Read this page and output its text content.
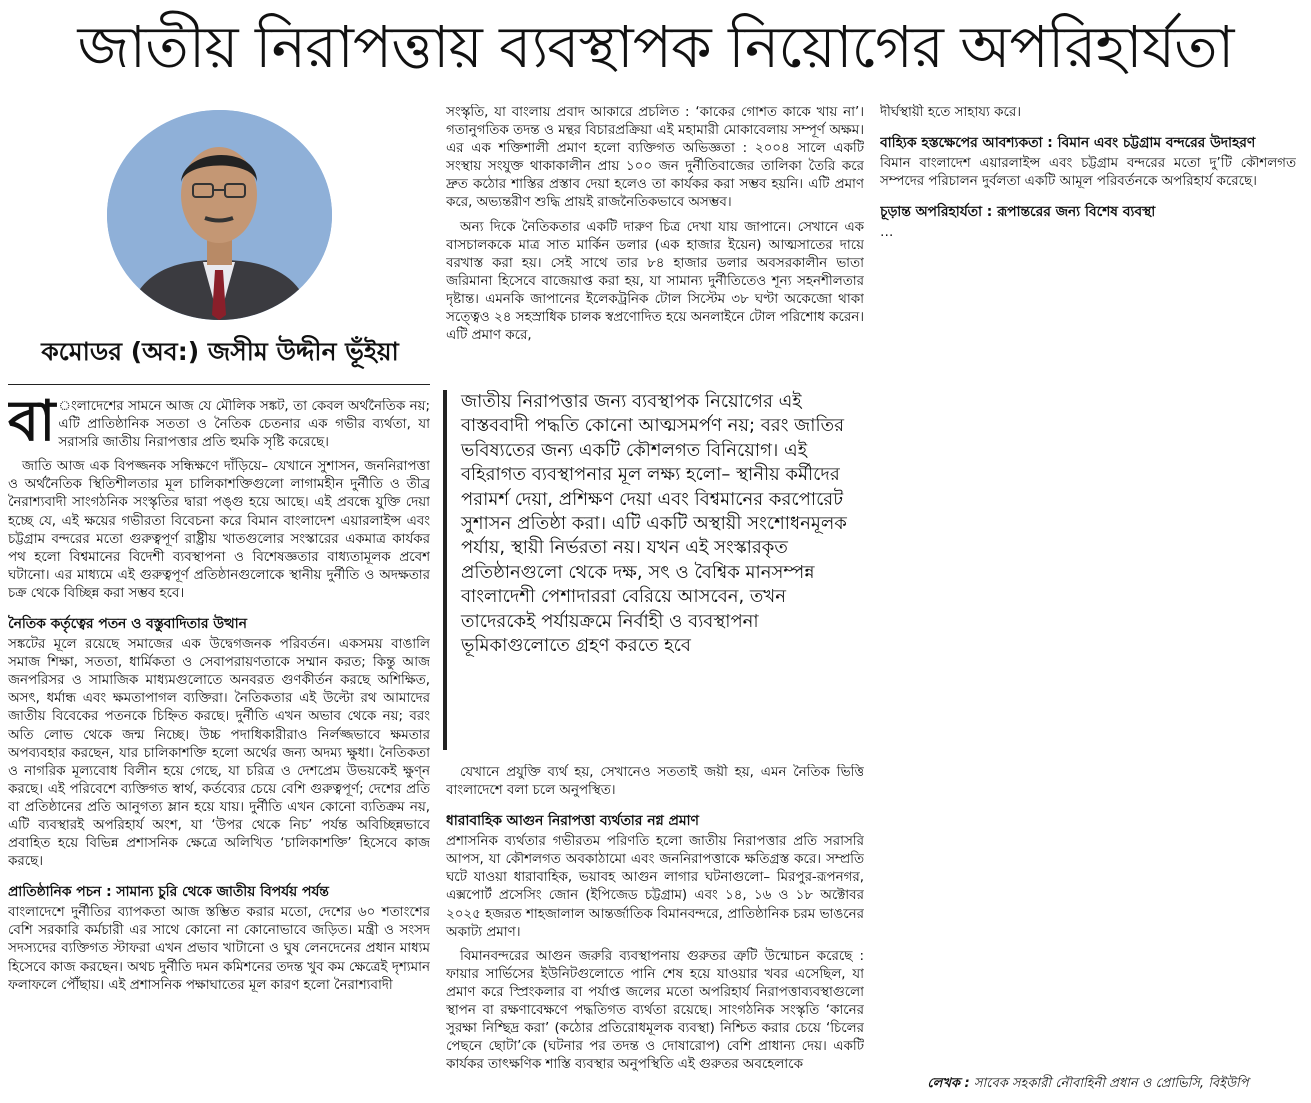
জাতীয় নিরাপত্তায় ব্যবস্থাপক নিয়োগের অপরিহার্যতা
কমোডর (অব:) জসীম উদ্দীন ভূঁইয়া

বা ংলাদেশের সামনে আজ যে মৌলিক সঙ্কট, তা কেবল অর্থনৈতিক নয়; এটি প্রাতিষ্ঠানিক সততা ও নৈতিক চেতনার এক গভীর ব্যর্থতা, যা সরাসরি জাতীয় নিরাপত্তার প্রতি হুমকি সৃষ্টি করেছে।

জাতি আজ এক বিপজ্জনক সন্ধিক্ষণে দাঁড়িয়ে– যেখানে সুশাসন, জননিরাপত্তা ও অর্থনৈতিক স্থিতিশীলতার মূল চালিকাশক্তিগুলো লাগামহীন দুর্নীতি ও তীব্র নৈরাশ্যবাদী সাংগঠনিক সংস্কৃতির দ্বারা পঙ্গু হয়ে আছে। এই প্রবন্ধে যুক্তি দেয়া হচ্ছে যে, এই ক্ষয়ের গভীরতা বিবেচনা করে বিমান বাংলাদেশ এয়ারলাইন্স এবং চট্টগ্রাম বন্দরের মতো গুরুত্বপূর্ণ রাষ্ট্রীয় খাতগুলোর সংস্কারের একমাত্র কার্যকর পথ হলো বিশ্বমানের বিদেশী ব্যবস্থাপনা ও বিশেষজ্ঞতার বাধ্যতামূলক প্রবেশ ঘটানো। এর মাধ্যমে এই গুরুত্বপূর্ণ প্রতিষ্ঠানগুলোকে স্থানীয় দুর্নীতি ও অদক্ষতার চক্র থেকে বিচ্ছিন্ন করা সম্ভব হবে।

নৈতিক কর্তৃত্বের পতন ও বস্তুবাদিতার উত্থান

সঙ্কটের মূলে রয়েছে সমাজের এক উদ্বেগজনক পরিবর্তন। একসময় বাঙালি সমাজ শিক্ষা, সততা, ধার্মিকতা ও সেবাপরায়ণতাকে সম্মান করত; কিন্তু আজ জনপরিসর ও সামাজিক মাধ্যমগুলোতে অনবরত গুণকীর্তন করছে অশিক্ষিত, অসৎ, ধর্মান্ধ এবং ক্ষমতাপাগল ব্যক্তিরা। নৈতিকতার এই উল্টো রথ আমাদের জাতীয় বিবেকের পতনকে চিহ্নিত করছে। দুর্নীতি এখন অভাব থেকে নয়; বরং অতি লোভ থেকে জন্ম নিচ্ছে। উচ্চ পদাধিকারীরাও নির্লজ্জভাবে ক্ষমতার অপব্যবহার করছেন, যার চালিকাশক্তি হলো অর্থের জন্য অদম্য ক্ষুধা। নৈতিকতা ও নাগরিক মূল্যবোধ বিলীন হয়ে গেছে, যা চরিত্র ও দেশপ্রেম উভয়কেই ক্ষুণ্ন করছে। এই পরিবেশে ব্যক্তিগত স্বার্থ, কর্তব্যের চেয়ে বেশি গুরুত্বপূর্ণ; দেশের প্রতি বা প্রতিষ্ঠানের প্রতি আনুগত্য ম্লান হয়ে যায়। দুর্নীতি এখন কোনো ব্যতিক্রম নয়, এটি ব্যবস্থারই অপরিহার্য অংশ, যা ‘উপর থেকে নিচ’ পর্যন্ত অবিচ্ছিন্নভাবে প্রবাহিত হয়ে বিভিন্ন প্রশাসনিক ক্ষেত্রে অলিখিত ‘চালিকাশক্তি’ হিসেবে কাজ করছে।

প্রাতিষ্ঠানিক পচন : সামান্য চুরি থেকে জাতীয় বিপর্যয় পর্যন্ত

বাংলাদেশে দুর্নীতির ব্যাপকতা আজ স্তম্ভিত করার মতো, দেশের ৬০ শতাংশের বেশি সরকারি কর্মচারী এর সাথে কোনো না কোনোভাবে জড়িত। মন্ত্রী ও সংসদ সদস্যদের ব্যক্তিগত স্টাফরা এখন প্রভাব খাটানো ও ঘুষ লেনদেনের প্রধান মাধ্যম হিসেবে কাজ করছেন। অথচ দুর্নীতি দমন কমিশনের তদন্ত খুব কম ক্ষেত্রেই দৃশ্যমান ফলাফলে পৌঁছায়। এই প্রশাসনিক পক্ষাঘাতের মূল কারণ হলো নৈরাশ্যবাদী

সংস্কৃতি, যা বাংলায় প্রবাদ আকারে প্রচলিত : ‘কাকের গোশত কাকে খায় না’। গতানুগতিক তদন্ত ও মন্থর বিচারপ্রক্রিয়া এই মহামারী মোকাবেলায় সম্পূর্ণ অক্ষম। এর এক শক্তিশালী প্রমাণ হলো ব্যক্তিগত অভিজ্ঞতা : ২০০৪ সালে একটি সংস্থায় সংযুক্ত থাকাকালীন প্রায় ১০০ জন দুর্নীতিবাজের তালিকা তৈরি করে দ্রুত কঠোর শাস্তির প্রস্তাব দেয়া হলেও তা কার্যকর করা সম্ভব হয়নি। এটি প্রমাণ করে, অভ্যন্তরীণ শুদ্ধি প্রায়ই রাজনৈতিকভাবে অসম্ভব।

অন্য দিকে নৈতিকতার একটি দারুণ চিত্র দেখা যায় জাপানে। সেখানে এক বাসচালককে মাত্র সাত মার্কিন ডলার (এক হাজার ইয়েন) আত্মসাতের দায়ে বরখাস্ত করা হয়। সেই সাথে তার ৮৪ হাজার ডলার অবসরকালীন ভাতা জরিমানা হিসেবে বাজেয়াপ্ত করা হয়, যা সামান্য দুর্নীতিতেও শূন্য সহনশীলতার দৃষ্টান্ত। এমনকি জাপানের ইলেকট্রনিক টোল সিস্টেম ৩৮ ঘণ্টা অকেজো থাকা সত্ত্বেও ২৪ সহস্রাধিক চালক স্বপ্রণোদিত হয়ে অনলাইনে টোল পরিশোধ করেন। এটি প্রমাণ করে,

জাতীয় নিরাপত্তার জন্য ব্যবস্থাপক নিয়োগের এই বাস্তববাদী পদ্ধতি কোনো আত্মসমর্পণ নয়; বরং জাতির ভবিষ্যতের জন্য একটি কৌশলগত বিনিয়োগ। এই বহিরাগত ব্যবস্থাপনার মূল লক্ষ্য হলো– স্থানীয় কর্মীদের পরামর্শ দেয়া, প্রশিক্ষণ দেয়া এবং বিশ্বমানের করপোরেট সুশাসন প্রতিষ্ঠা করা। এটি একটি অস্থায়ী সংশোধনমূলক পর্যায়, স্থায়ী নির্ভরতা নয়। যখন এই সংস্কারকৃত প্রতিষ্ঠানগুলো থেকে দক্ষ, সৎ ও বৈশ্বিক মানসম্পন্ন বাংলাদেশী পেশাদাররা বেরিয়ে আসবেন, তখন তাদেরকেই পর্যায়ক্রমে নির্বাহী ও ব্যবস্থাপনা ভূমিকাগুলোতে গ্রহণ করতে হবে

যেখানে প্রযুক্তি ব্যর্থ হয়, সেখানেও সততাই জয়ী হয়, এমন নৈতিক ভিত্তি বাংলাদেশে বলা চলে অনুপস্থিত।

ধারাবাহিক আগুন নিরাপত্তা ব্যর্থতার নগ্ন প্রমাণ

প্রশাসনিক ব্যর্থতার গভীরতম পরিণতি হলো জাতীয় নিরাপত্তার প্রতি সরাসরি আপস, যা কৌশলগত অবকাঠামো এবং জননিরাপত্তাকে ক্ষতিগ্রস্ত করে। সম্প্রতি ঘটে যাওয়া ধারাবাহিক, ভয়াবহ আগুন লাগার ঘটনাগুলো– মিরপুর-রূপনগর, এক্সপোর্ট প্রসেসিং জোন (ইপিজেড চট্টগ্রাম) এবং ১৪, ১৬ ও ১৮ অক্টোবর ২০২৫ হজরত শাহজালাল আন্তর্জাতিক বিমানবন্দরে, প্রাতিষ্ঠানিক চরম ভাঙনের অকাট্য প্রমাণ।

বিমানবন্দরের আগুন জরুরি ব্যবস্থাপনায় গুরুতর ত্রুটি উন্মোচন করেছে : ফায়ার সার্ভিসের ইউনিটগুলোতে পানি শেষ হয়ে যাওয়ার খবর এসেছিল, যা প্রমাণ করে স্প্রিংকলার বা পর্যাপ্ত জলের মতো অপরিহার্য নিরাপত্তাব্যবস্থাগুলো স্থাপন বা রক্ষণাবেক্ষণে পদ্ধতিগত ব্যর্থতা রয়েছে। সাংগঠনিক সংস্কৃতি ‘কানের সুরক্ষা নিশ্ছিদ্র করা’ (কঠোর প্রতিরোধমূলক ব্যবস্থা) নিশ্চিত করার চেয়ে ‘চিলের পেছনে ছোটা’কে (ঘটনার পর তদন্ত ও দোষারোপ) বেশি প্রাধান্য দেয়। একটি কার্যকর তাৎক্ষণিক শাস্তি ব্যবস্থার অনুপস্থিতি এই গুরুতর অবহেলাকে

দীর্ঘস্থায়ী হতে সাহায্য করে।

বাহ্যিক হস্তক্ষেপের আবশ্যকতা : বিমান এবং চট্টগ্রাম বন্দরের উদাহরণ

বিমান বাংলাদেশ এয়ারলাইন্স এবং চট্টগ্রাম বন্দরের মতো দু’টি কৌশলগত সম্পদের পরিচালন দুর্বলতা একটি আমূল পরিবর্তনকে অপরিহার্য করেছে।

চূড়ান্ত অপরিহার্যতা : রূপান্তরের জন্য বিশেষ ব্যবস্থা

…

লেখক : সাবেক সহকারী নৌবাহিনী প্রধান ও প্রোভিসি, বিইউপি
